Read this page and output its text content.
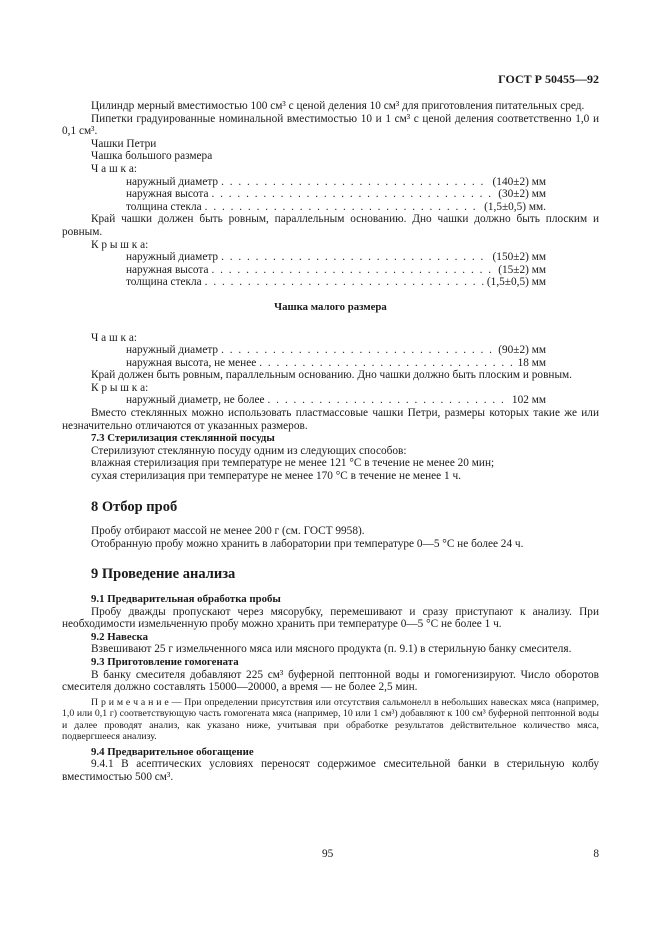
ГОСТ Р 50455—92

Цилиндр мерный вместимостью 100 см³ с ценой деления 10 см³ для приготовления питательных сред.

Пипетки градуированные номинальной вместимостью 10 и 1 см³ с ценой деления соответственно 1,0 и 0,1 см³.

Чашки Петри

Чашка большого размера

Ч а ш к а:

наружный диаметр . . .	(140±2) мм
наружная высота . . .	(30±2) мм
толщина стекла . . .	(1,5±0,5) мм.

Край чашки должен быть ровным, параллельным основанию. Дно чашки должно быть плоским и ровным.

К р ы ш к а:

наружный диаметр . . .	(150±2) мм
наружная высота . . .	(15±2) мм
толщина стекла . . .	(1,5±0,5) мм

Чашка малого размера

Ч а ш к а:

наружный диаметр . . .	(90±2) мм
наружная высота, не менее . . .	18 мм

Край должен быть ровным, параллельным основанию. Дно чашки должно быть плоским и ровным.

К р ы ш к а:

наружный диаметр, не более . . .	102 мм

Вместо стеклянных можно использовать пластмассовые чашки Петри, размеры которых такие же или незначительно отличаются от указанных размеров.

7.3 Стерилизация стеклянной посуды

Стерилизуют стеклянную посуду одним из следующих способов:

влажная стерилизация при температуре не менее 121 °С в течение не менее 20 мин;

сухая стерилизация при температуре не менее 170 °С в течение не менее 1 ч.

8 Отбор проб

Пробу отбирают массой не менее 200 г (см. ГОСТ 9958).

Отобранную пробу можно хранить в лаборатории при температуре 0—5 °С не более 24 ч.

9 Проведение анализа

9.1 Предварительная обработка пробы

Пробу дважды пропускают через мясорубку, перемешивают и сразу приступают к анализу. При необходимости измельченную пробу можно хранить при температуре 0—5 °С не более 1 ч.

9.2 Навеска

Взвешивают 25 г измельченного мяса или мясного продукта (п. 9.1) в стерильную банку смесителя.

9.3 Приготовление гомогената

В банку смесителя добавляют 225 см³ буферной пептонной воды и гомогенизируют. Число оборотов смесителя должно составлять 15000—20000, а время — не более 2,5 мин.

П р и м е ч а н и е — При определении присутствия или отсутствия сальмонелл в небольших навесках мяса (например, 1,0 или 0,1 г) соответствующую часть гомогената мяса (например, 10 или 1 см³) добавляют к 100 см³ буферной пептонной воды и далее проводят анализ, как указано ниже, учитывая при обработке результатов действительное количество мяса, подвергшееся анализу.

9.4 Предварительное обогащение

9.4.1 В асептических условиях переносят содержимое смесительной банки в стерильную колбу вместимостью 500 см³.

95	8
